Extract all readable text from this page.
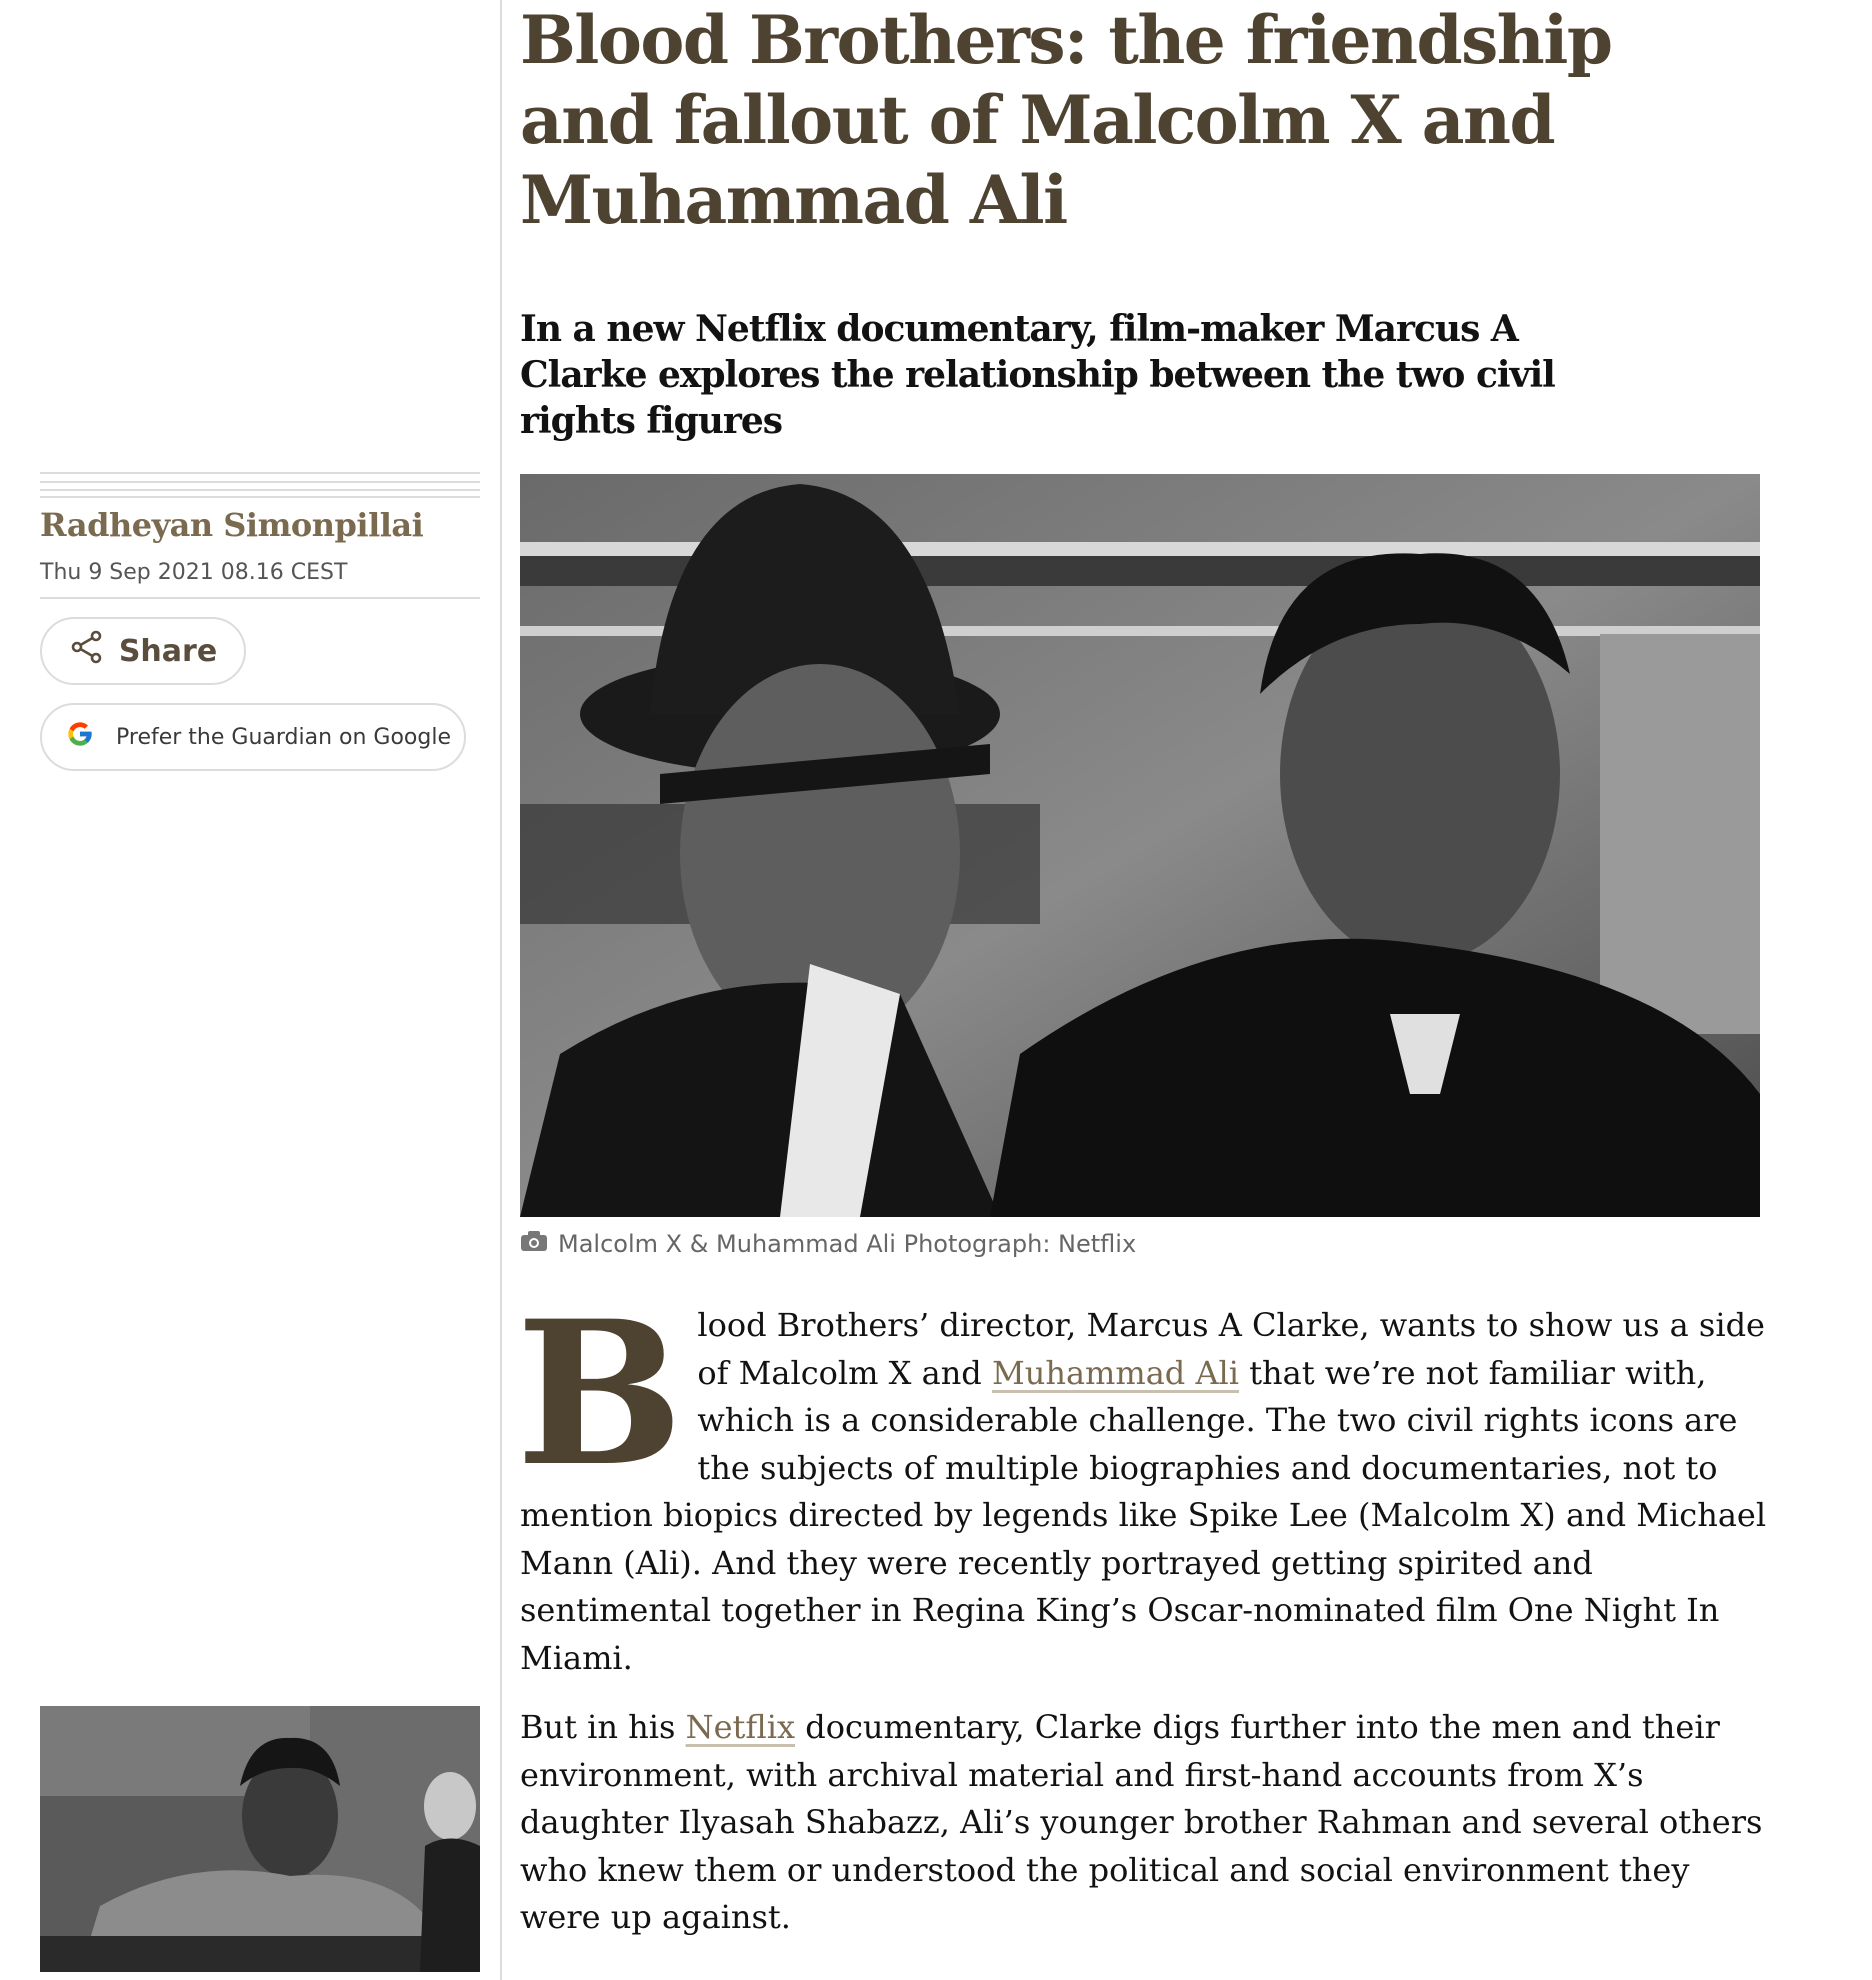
Blood Brothers: the friendship and fallout of Malcolm X and Muhammad Ali

In a new Netflix documentary, film-maker Marcus A Clarke explores the relationship between the two civil rights figures

Radheyan Simonpillai
Thu 9 Sep 2021 08.16 CEST
Share
Prefer the Guardian on Google
Malcolm X & Muhammad Ali Photograph: Netflix

Blood Brothers’ director, Marcus A Clarke, wants to show us a side of Malcolm X and Muhammad Ali that we’re not familiar with, which is a considerable challenge. The two civil rights icons are the subjects of multiple biographies and documentaries, not to mention biopics directed by legends like Spike Lee (Malcolm X) and Michael Mann (Ali). And they were recently portrayed getting spirited and sentimental together in Regina King’s Oscar-nominated film One Night In Miami.

But in his Netflix documentary, Clarke digs further into the men and their environment, with archival material and first-hand accounts from X’s daughter Ilyasah Shabazz, Ali’s younger brother Rahman and several others who knew them or understood the political and social environment they were up against.
